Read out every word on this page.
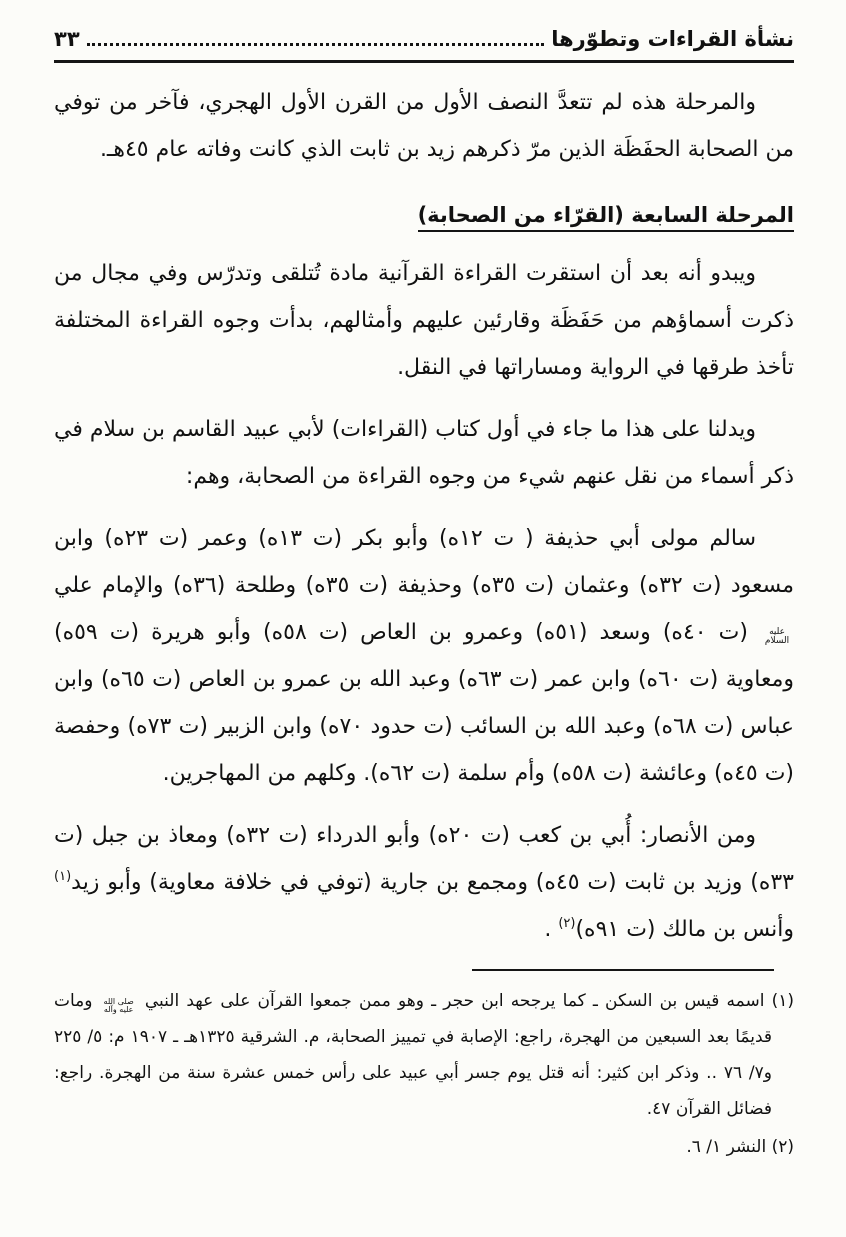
نشأة القراءات وتطوّرها
٣٣

والمرحلة هذه لم تتعدَّ النصف الأول من القرن الأول الهجري، فآخر من توفي من الصحابة الحفَظَة الذين مرّ ذكرهم زيد بن ثابت الذي كانت وفاته عام ٤٥هـ.

المرحلة السابعة (القرّاء من الصحابة)

ويبدو أنه بعد أن استقرت القراءة القرآنية مادة تُتلقى وتدرّس وفي مجال من ذكرت أسماؤهم من حَفَظَة وقارئين عليهم وأمثالهم، بدأت وجوه القراءة المختلفة تأخذ طرقها في الرواية ومساراتها في النقل.

ويدلنا على هذا ما جاء في أول كتاب (القراءات) لأبي عبيد القاسم بن سلام في ذكر أسماء من نقل عنهم شيء من وجوه القراءة من الصحابة، وهم:

سالم مولى أبي حذيفة ( ت ١٢ه) وأبو بكر (ت ١٣ه) وعمر (ت ٢٣ه) وابن مسعود (ت ٣٢ه) وعثمان (ت ٣٥ه) وحذيفة (ت ٣٥ه) وطلحة (٣٦ه) والإمام علي عليه السلام (ت ٤٠ه) وسعد (٥١ه) وعمرو بن العاص (ت ٥٨ه) وأبو هريرة (ت ٥٩ه) ومعاوية (ت ٦٠ه) وابن عمر (ت ٦٣ه) وعبد الله بن عمرو بن العاص (ت ٦٥ه) وابن عباس (ت ٦٨ه) وعبد الله بن السائب (ت حدود ٧٠ه) وابن الزبير (ت ٧٣ه) وحفصة (ت ٤٥ه) وعائشة (ت ٥٨ه) وأم سلمة (ت ٦٢ه). وكلهم من المهاجرين.

ومن الأنصار: أُبي بن كعب (ت ٢٠ه) وأبو الدرداء (ت ٣٢ه) ومعاذ بن جبل (ت ٣٣ه) وزيد بن ثابت (ت ٤٥ه) ومجمع بن جارية (توفي في خلافة معاوية) وأبو زيد$^{(١)}$ وأنس بن مالك (ت ٩١ه)$^{(٢)}$ .

(١) اسمه قيس بن السكن ـ كما يرجحه ابن حجر ـ وهو ممن جمعوا القرآن على عهد النبي صلى الله عليه وآله ومات قديمًا بعد السبعين من الهجرة، راجع: الإصابة في تمييز الصحابة، م. الشرقية ١٣٢٥هـ ـ ١٩٠٧ م: ٥/ ٢٢٥ و٧/ ٧٦ .. وذكر ابن كثير: أنه قتل يوم جسر أبي عبيد على رأس خمس عشرة سنة من الهجرة. راجع: فضائل القرآن ٤٧.

(٢) النشر ١/ ٦.
